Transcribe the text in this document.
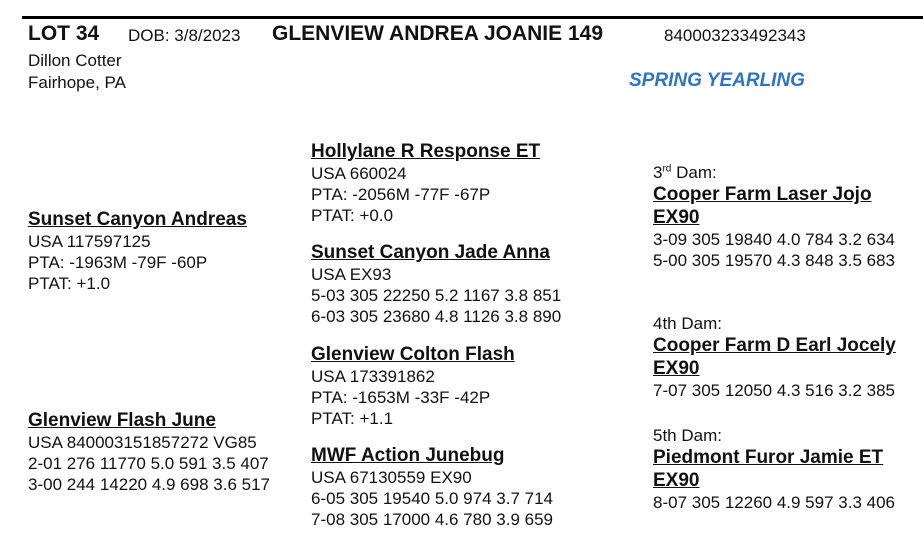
LOT 34 DOB: 3/8/2023 GLENVIEW ANDREA JOANIE 149	840003233492343
Dillon Cotter
Fairhope, PA	SPRING YEARLING
Sunset Canyon Andreas
USA 117597125
PTA: -1963M -79F -60P
PTAT: +1.0
Glenview Flash June
USA 840003151857272 VG85
2-01 276 11770 5.0 591 3.5 407
3-00 244 14220 4.9 698 3.6 517
Hollylane R Response ET
USA 660024
PTA: -2056M -77F -67P
PTAT: +0.0
Sunset Canyon Jade Anna
USA EX93
5-03 305 22250 5.2 1167 3.8 851
6-03 305 23680 4.8 1126 3.8 890
Glenview Colton Flash
USA 173391862
PTA: -1653M -33F -42P
PTAT: +1.1
MWF Action Junebug
USA 67130559 EX90
6-05 305 19540 5.0 974 3.7 714
7-08 305 17000 4.6 780 3.9 659
3rd Dam:
Cooper Farm Laser Jojo
EX90
3-09 305 19840 4.0 784 3.2 634
5-00 305 19570 4.3 848 3.5 683
4th Dam:
Cooper Farm D Earl Jocely
EX90
7-07 305 12050 4.3 516 3.2 385
5th Dam:
Piedmont Furor Jamie ET
EX90
8-07 305 12260 4.9 597 3.3 406
